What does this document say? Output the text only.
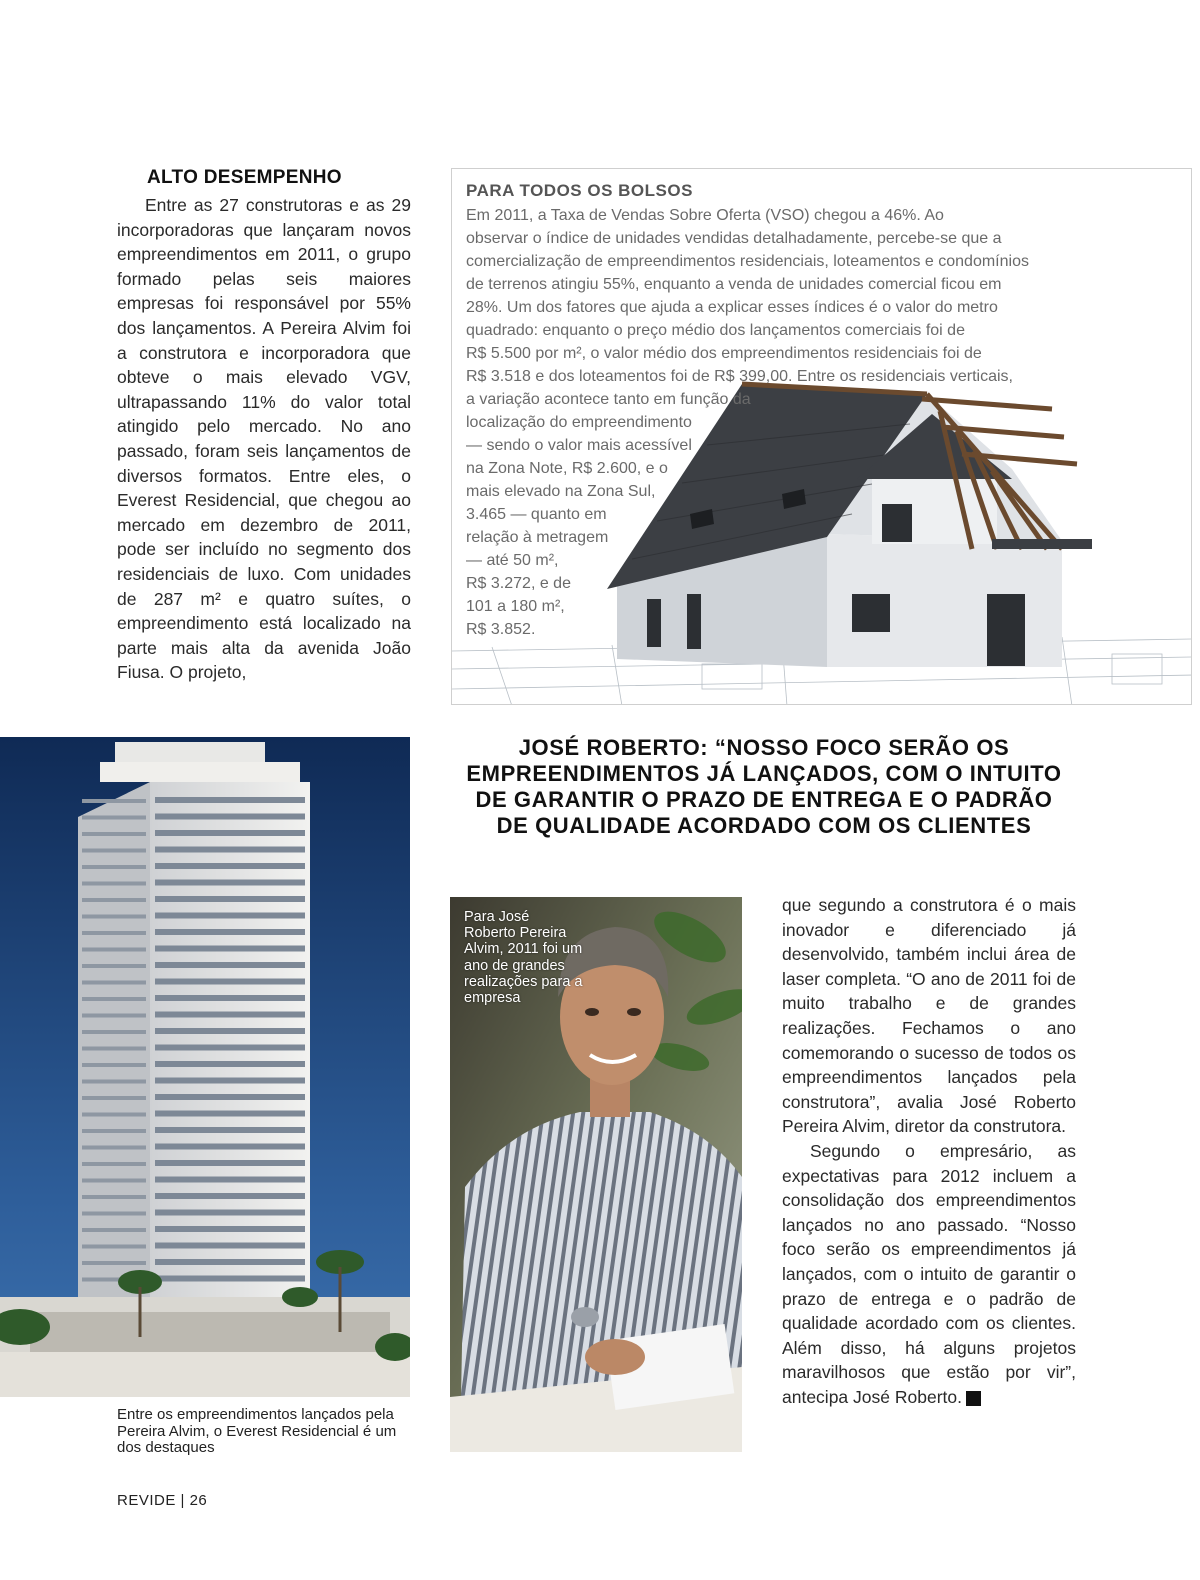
ALTO DESEMPENHO

Entre as 27 construtoras e as 29 incorporadoras que lançaram novos empreendimentos em 2011, o grupo formado pelas seis maiores empresas foi responsável por 55% dos lançamentos. A Pereira Alvim foi a construtora e incorporadora que obteve o mais elevado VGV, ultrapassando 11% do valor total atingido pelo mercado. No ano passado, foram seis lançamentos de diversos formatos. Entre eles, o Everest Residencial, que chegou ao mercado em dezembro de 2011, pode ser incluído no segmento dos residenciais de luxo. Com unidades de 287 m² e quatro suítes, o empreendimento está localizado na parte mais alta da avenida João Fiusa. O projeto,

PARA TODOS OS BOLSOS
Em 2011, a Taxa de Vendas Sobre Oferta (VSO) chegou a 46%. Ao
observar o índice de unidades vendidas detalhadamente, percebe-se que a
comercialização de empreendimentos residenciais, loteamentos e condomínios
de terrenos atingiu 55%, enquanto a venda de unidades comercial ficou em
28%. Um dos fatores que ajuda a explicar esses índices é o valor do metro
quadrado: enquanto o preço médio dos lançamentos comerciais foi de
R$ 5.500 por m², o valor médio dos empreendimentos residenciais foi de
R$ 3.518 e dos loteamentos foi de R$ 399,00. Entre os residenciais verticais,
a variação acontece tanto em função da
localização do empreendimento
— sendo o valor mais acessível
na Zona Note, R$ 2.600, e o
mais elevado na Zona Sul,
3.465 — quanto em
relação à metragem
— até 50 m²,
R$ 3.272, e de
101 a 180 m²,
R$ 3.852.
Entre os empreendimentos lançados pela Pereira Alvim, o Everest Residencial é um dos destaques
JOSÉ ROBERTO: “NOSSO FOCO SERÃO OS EMPREENDIMENTOS JÁ LANÇADOS, COM O INTUITO DE GARANTIR O PRAZO DE ENTREGA E O PADRÃO DE QUALIDADE ACORDADO COM OS CLIENTES
Para José Roberto Pereira Alvim, 2011 foi um ano de grandes realizações para a empresa

que segundo a construtora é o mais inovador e diferenciado já desenvolvido, também inclui área de laser completa. “O ano de 2011 foi de muito trabalho e de grandes realizações. Fechamos o ano comemorando o sucesso de todos os empreendimentos lançados pela construtora”, avalia José Roberto Pereira Alvim, diretor da construtora.

Segundo o empresário, as expectativas para 2012 incluem a consolidação dos empreendimentos lançados no ano passado. “Nosso foco serão os empreendimentos já lançados, com o intuito de garantir o prazo de entrega e o padrão de qualidade acordado com os clientes. Além disso, há alguns projetos maravilhosos que estão por vir”, antecipa José Roberto.	r

REVIDE | 26
